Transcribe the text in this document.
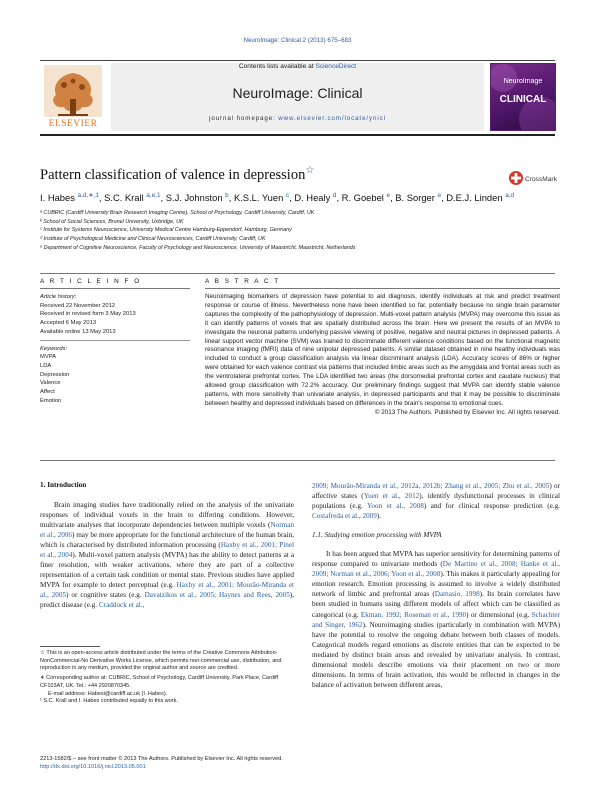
NeuroImage: Clinical 2 (2013) 675–683
ELSEVIER
Contents lists available at ScienceDirect
NeuroImage: Clinical
journal homepage: www.elsevier.com/locate/ynicl
NeuroImage
CLINICAL
Pattern classification of valence in depression☆
CrossMark
I. Habes $^{a,d,∗,1}$, S.C. Krall $^{a,e,1}$, S.J. Johnston $^b$, K.S.L. Yuen $^c$, D. Healy $^d$, R. Goebel $^e$, B. Sorger $^e$, D.E.J. Linden $^{a,d}$
ᵃ CUBRIC (Cardiff University Brain Research Imaging Centre), School of Psychology, Cardiff University, Cardiff, UK
ᵇ School of Social Sciences, Brunel University, Uxbridge, UK
ᶜ Institute for Systems Neuroscience, University Medical Centre Hamburg-Eppendorf, Hamburg, Germany
ᵈ Institute of Psychological Medicine and Clinical Neurosciences, Cardiff University, Cardiff, UK
ᵉ Department of Cognitive Neuroscience, Faculty of Psychology and Neuroscience, University of Maastricht, Maastricht, Netherlands
A R T I C L E I N F O	A B S T R A C T
Article history:
Received 22 November 2012
Received in revised form 3 May 2013
Accepted 6 May 2013
Available online 13 May 2013
Keywords:
MVPA
LDA
Depression
Valence
Affect
Emotion
Neuroimaging biomarkers of depression have potential to aid diagnosis, identify individuals at risk and predict treatment response or course of illness. Nevertheless none have been identified so far, potentially because no single brain parameter captures the complexity of the pathophysiology of depression. Multi-voxel pattern analysis (MVPA) may overcome this issue as it can identify patterns of voxels that are spatially distributed across the brain. Here we present the results of an MVPA to investigate the neuronal patterns underlying passive viewing of positive, negative and neutral pictures in depressed patients. A linear support vector machine (SVM) was trained to discriminate different valence conditions based on the functional magnetic resonance imaging (fMRI) data of nine unipolar depressed patients. A similar dataset obtained in nine healthy individuals was included to conduct a group classification analysis via linear discriminant analysis (LDA). Accuracy scores of 86% or higher were obtained for each valence contrast via patterns that included limbic areas such as the amygdala and frontal areas such as the ventrolateral prefrontal cortex. The LDA identified two areas (the dorsomedial prefrontal cortex and caudate nucleus) that allowed group classification with 72.2% accuracy. Our preliminary findings suggest that MVPA can identify stable valence patterns, with more sensitivity than univariate analysis, in depressed participants and that it may be possible to discriminate between healthy and depressed individuals based on differences in the brain's response to emotional cues.
© 2013 The Authors. Published by Elsevier Inc. All rights reserved.
1. Introduction

Brain imaging studies have traditionally relied on the analysis of the univariate responses of individual voxels in the brain to differing conditions. However, multivariate analyses that incorporate dependencies between multiple voxels (Norman et al., 2006) may be more appropriate for the functional architecture of the human brain, which is characterised by distributed information processing (Haxby et al., 2001; Pinel et al., 2004). Multi-voxel pattern analysis (MVPA) has the ability to detect patterns at a finer resolution, with weaker activations, where they are part of a collective representation of a certain task condition or mental state. Previous studies have applied MVPA for example to detect perceptual (e.g. Haxby et al., 2001; Mourão-Miranda et al., 2005) or cognitive states (e.g. Davatzikos et al., 2005; Haynes and Rees, 2005), predict disease (e.g. Craddock et al.,

2009; Mourão-Miranda et al., 2012a, 2012b; Zhang et al., 2005; Zhu et al., 2005) or affective states (Yuen et al., 2012), identify dysfunctional processes in clinical populations (e.g. Yoon et al., 2008) and for clinical response prediction (e.g. Costafreda et al., 2009).

1.1. Studying emotion processing with MVPA

It has been argued that MVPA has superior sensitivity for determining patterns of response compared to univariate methods (De Martino et al., 2008; Hanke et al., 2009; Norman et al., 2006; Yoon et al., 2008). This makes it particularly appealing for emotion research. Emotion processing is assumed to involve a widely distributed network of limbic and prefrontal areas (Damasio, 1998). Its brain correlates have been studied in humans using different models of affect which can be classified as categorical (e.g. Ekman, 1992; Roseman et al., 1990) or dimensional (e.g. Schachter and Singer, 1962). Neuroimaging studies (particularly in combination with MVPA) have the potential to resolve the ongoing debate between both classes of models. Categorical models regard emotions as discrete entities that can be expected to be mediated by distinct brain areas and revealed by univariate analysis. In contrast, dimensional models describe emotions via their placement on two or more dimensions. In terms of brain activation, this would be reflected in changes in the balance of activation between different areas,

☆ This is an open-access article distributed under the terms of the Creative Commons Attribution-NonCommercial-No Derivative Works License, which permits non-commercial use, distribution, and reproduction in any medium, provided the original author and source are credited.
∗ Corresponding author at: CUBRIC, School of Psychology, Cardiff University, Park Place, Cardiff CF103AT, UK. Tel.: +44 2920870345.
E-mail address: Habesi@cardiff.ac.uk (I. Habes).
¹ S.C. Krall and I. Habes contributed equally to this work.
2213-1582/$ – see front matter © 2013 The Authors. Published by Elsevier Inc. All rights reserved.
http://dx.doi.org/10.1016/j.nicl.2013.05.001
